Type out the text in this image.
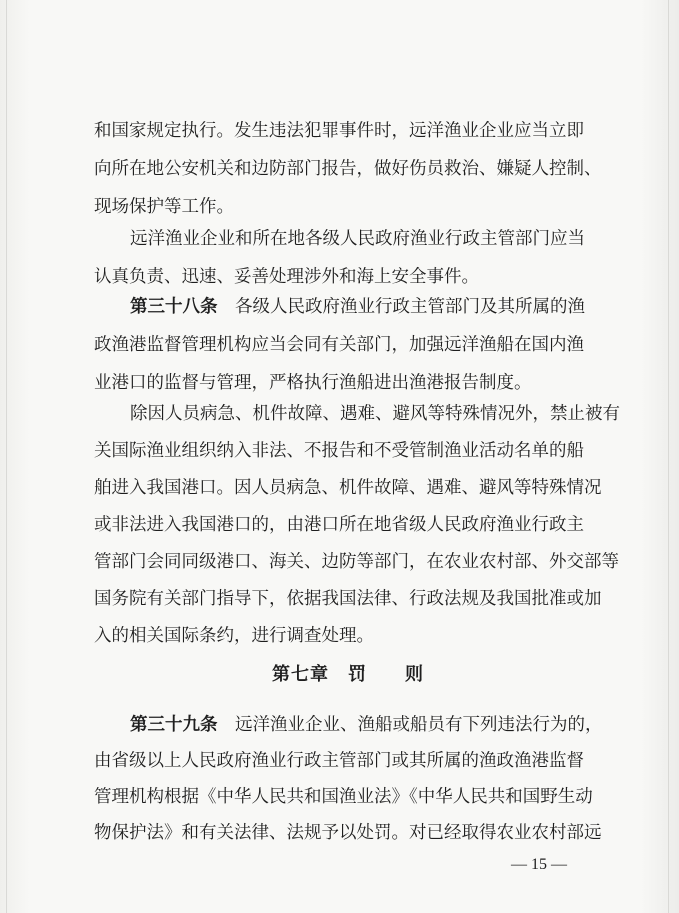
和国家规定执行。发生违法犯罪事件时，远洋渔业企业应当立即
向所在地公安机关和边防部门报告，做好伤员救治、嫌疑人控制、
现场保护等工作。
远洋渔业企业和所在地各级人民政府渔业行政主管部门应当
认真负责、迅速、妥善处理涉外和海上安全事件。
第三十八条　各级人民政府渔业行政主管部门及其所属的渔
政渔港监督管理机构应当会同有关部门，加强远洋渔船在国内渔
业港口的监督与管理，严格执行渔船进出渔港报告制度。
除因人员病急、机件故障、遇难、避风等特殊情况外，禁止被有
关国际渔业组织纳入非法、不报告和不受管制渔业活动名单的船
舶进入我国港口。因人员病急、机件故障、遇难、避风等特殊情况
或非法进入我国港口的，由港口所在地省级人民政府渔业行政主
管部门会同同级港口、海关、边防等部门，在农业农村部、外交部等
国务院有关部门指导下，依据我国法律、行政法规及我国批准或加
入的相关国际条约，进行调查处理。
第七章　罚　　则
第三十九条　远洋渔业企业、渔船或船员有下列违法行为的，
由省级以上人民政府渔业行政主管部门或其所属的渔政渔港监督
管理机构根据《中华人民共和国渔业法》《中华人民共和国野生动
物保护法》和有关法律、法规予以处罚。对已经取得农业农村部远
— 15 —
